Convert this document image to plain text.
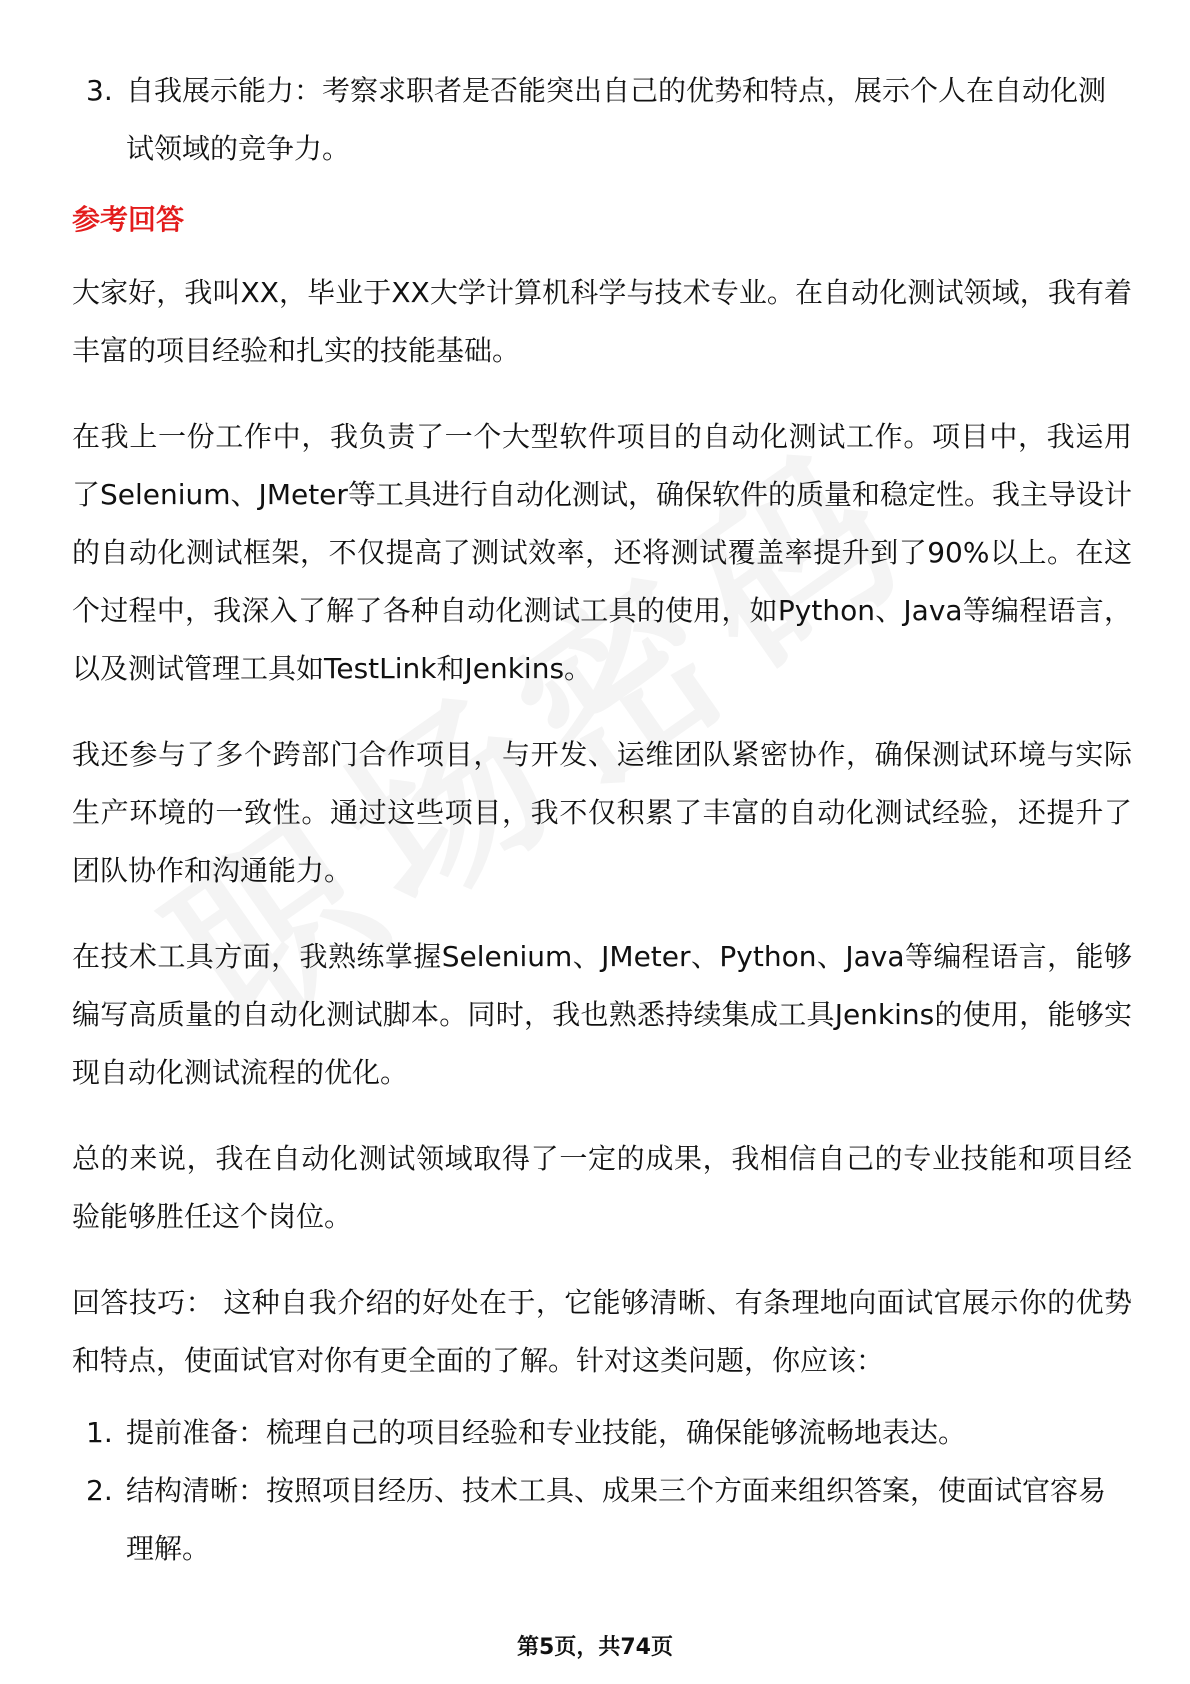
3. 自我展示能力：考察求职者是否能突出自己的优势和特点，展示个人在自动化测试领域的竞争力。
参考回答

大家好，我叫XX，毕业于XX大学计算机科学与技术专业。在自动化测试领域，我有着丰富的项目经验和扎实的技能基础。

在我上一份工作中，我负责了一个大型软件项目的自动化测试工作。项目中，我运用了Selenium、JMeter等工具进行自动化测试，确保软件的质量和稳定性。我主导设计的自动化测试框架，不仅提高了测试效率，还将测试覆盖率提升到了90%以上。在这个过程中，我深入了解了各种自动化测试工具的使用，如Python、Java等编程语言，以及测试管理工具如TestLink和Jenkins。

我还参与了多个跨部门合作项目，与开发、运维团队紧密协作，确保测试环境与实际生产环境的一致性。通过这些项目，我不仅积累了丰富的自动化测试经验，还提升了团队协作和沟通能力。

在技术工具方面，我熟练掌握Selenium、JMeter、Python、Java等编程语言，能够编写高质量的自动化测试脚本。同时，我也熟悉持续集成工具Jenkins的使用，能够实现自动化测试流程的优化。

总的来说，我在自动化测试领域取得了一定的成果，我相信自己的专业技能和项目经验能够胜任这个岗位。

回答技巧： 这种自我介绍的好处在于，它能够清晰、有条理地向面试官展示你的优势和特点，使面试官对你有更全面的了解。针对这类问题，你应该：

1. 提前准备：梳理自己的项目经验和专业技能，确保能够流畅地表达。
2. 结构清晰：按照项目经历、技术工具、成果三个方面来组织答案，使面试官容易理解。
第5页，共74页
